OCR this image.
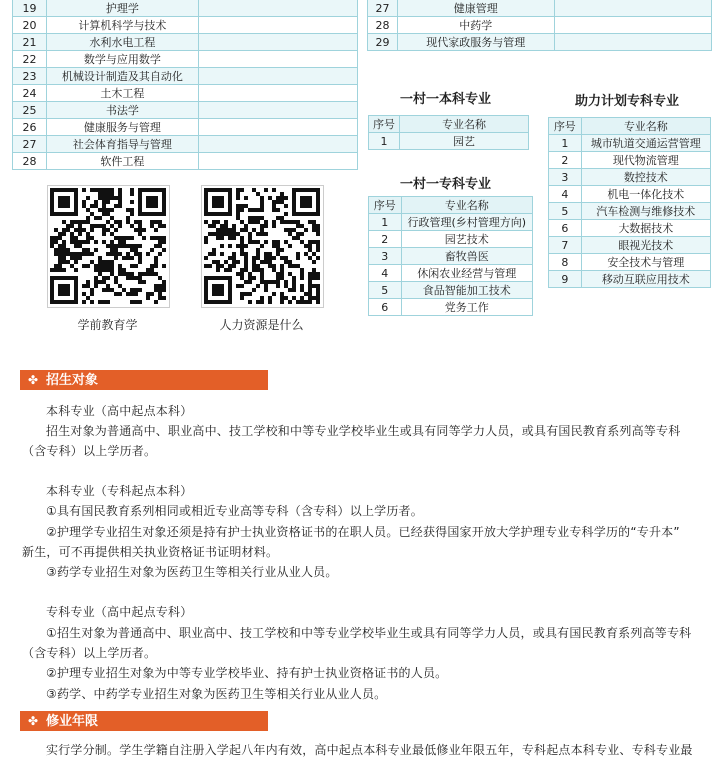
19	护理学	
20	计算机科学与技术	
21	水利水电工程	
22	数学与应用数学	
23	机械设计制造及其自动化	
24	土木工程	
25	书法学	
26	健康服务与管理	
27	社会体育指导与管理	
28	软件工程	
27	健康管理	
28	中药学	
29	现代家政服务与管理	
一村一本科专业	助力计划专科专业
一村一专科专业
序号	专业名称
1	园艺
序号	专业名称
1	行政管理(乡村管理方向)
2	园艺技术
3	畜牧兽医
4	休闲农业经营与管理
5	食品智能加工技术
6	党务工作
序号	专业名称
1	城市轨道交通运营管理
2	现代物流管理
3	数控技术
4	机电一体化技术
5	汽车检测与维修技术
6	大数据技术
7	眼视光技术
8	安全技术与管理
9	移动互联应用技术
学前教育学	人力资源是什么
✤ 招生对象
本科专业（高中起点本科）
招生对象为普通高中、职业高中、技工学校和中等专业学校毕业生或具有同等学力人员，或具有国民教育系列高等专科
（含专科）以上学历者。
本科专业（专科起点本科）
①具有国民教育系列相同或相近专业高等专科（含专科）以上学历者。
②护理学专业招生对象还须是持有护士执业资格证书的在职人员。已经获得国家开放大学护理专业专科学历的“专升本”
新生，可不再提供相关执业资格证书证明材料。
③药学专业招生对象为医药卫生等相关行业从业人员。
专科专业（高中起点专科）
①招生对象为普通高中、职业高中、技工学校和中等专业学校毕业生或具有同等学力人员，或具有国民教育系列高等专科
（含专科）以上学历者。
②护理专业招生对象为中等专业学校毕业、持有护士执业资格证书的人员。
③药学、中药学专业招生对象为医药卫生等相关行业从业人员。
✤ 修业年限
实行学分制。学生学籍自注册入学起八年内有效，高中起点本科专业最低修业年限五年，专科起点本科专业、专科专业最
